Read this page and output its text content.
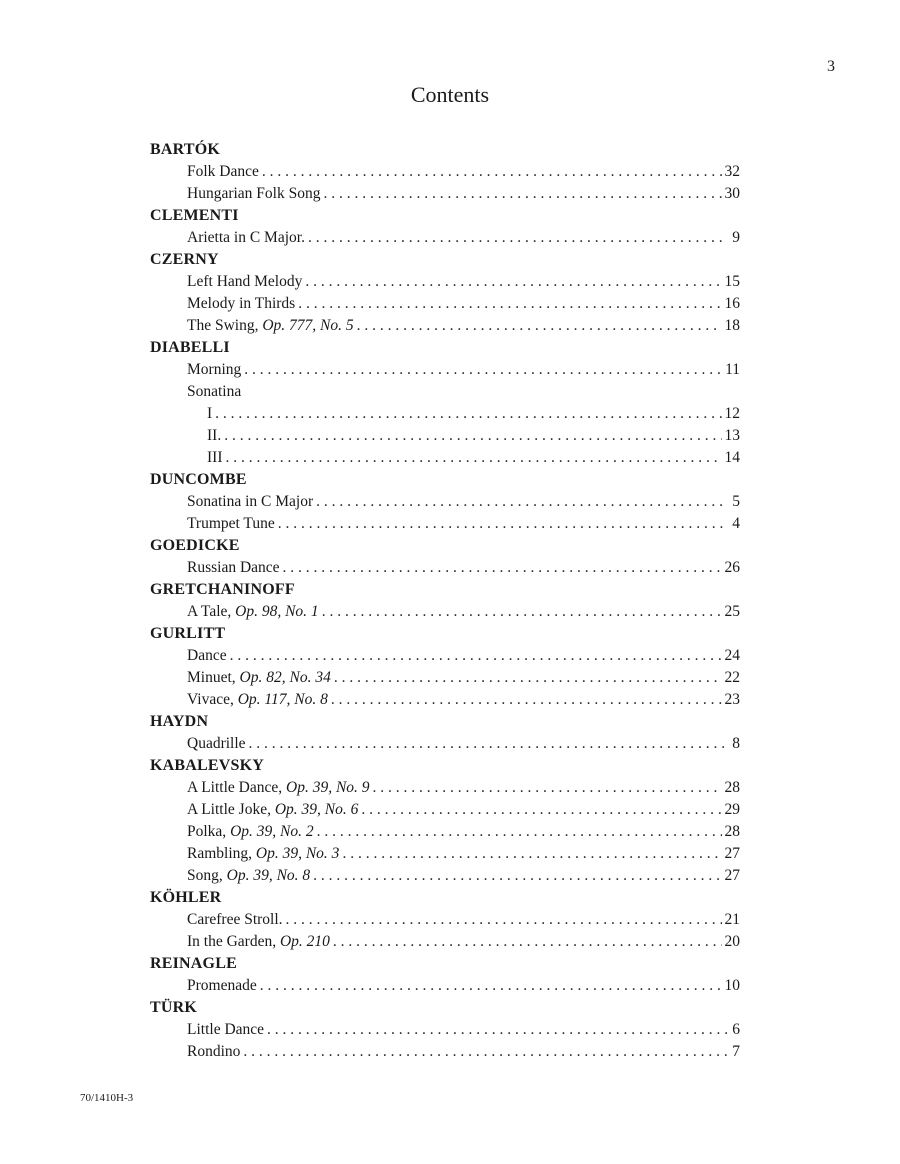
3
Contents
BARTÓK
Folk Dance . . .	32
Hungarian Folk Song . . .	30
CLEMENTI
Arietta in C Major. . . .	9
CZERNY
Left Hand Melody . . .	15
Melody in Thirds . . .	16
The Swing, Op. 777, No. 5 . . .	18
DIABELLI
Morning . . .	11
Sonatina
I . . .	12
II. . . .	13
III . . .	14
DUNCOMBE
Sonatina in C Major . . .	5
Trumpet Tune . . .	4
GOEDICKE
Russian Dance . . .	26
GRETCHANINOFF
A Tale, Op. 98, No. 1 . . .	25
GURLITT
Dance . . .	24
Minuet, Op. 82, No. 34 . . .	22
Vivace, Op. 117, No. 8 . . .	23
HAYDN
Quadrille . . .	8
KABALEVSKY
A Little Dance, Op. 39, No. 9 . . .	28
A Little Joke, Op. 39, No. 6 . . .	29
Polka, Op. 39, No. 2 . . .	28
Rambling, Op. 39, No. 3 . . .	27
Song, Op. 39, No. 8 . . .	27
KÖHLER
Carefree Stroll. . . .	21
In the Garden, Op. 210 . . .	20
REINAGLE
Promenade . . .	10
TÜRK
Little Dance . . .	6
Rondino . . .	7
70/1410H-3
